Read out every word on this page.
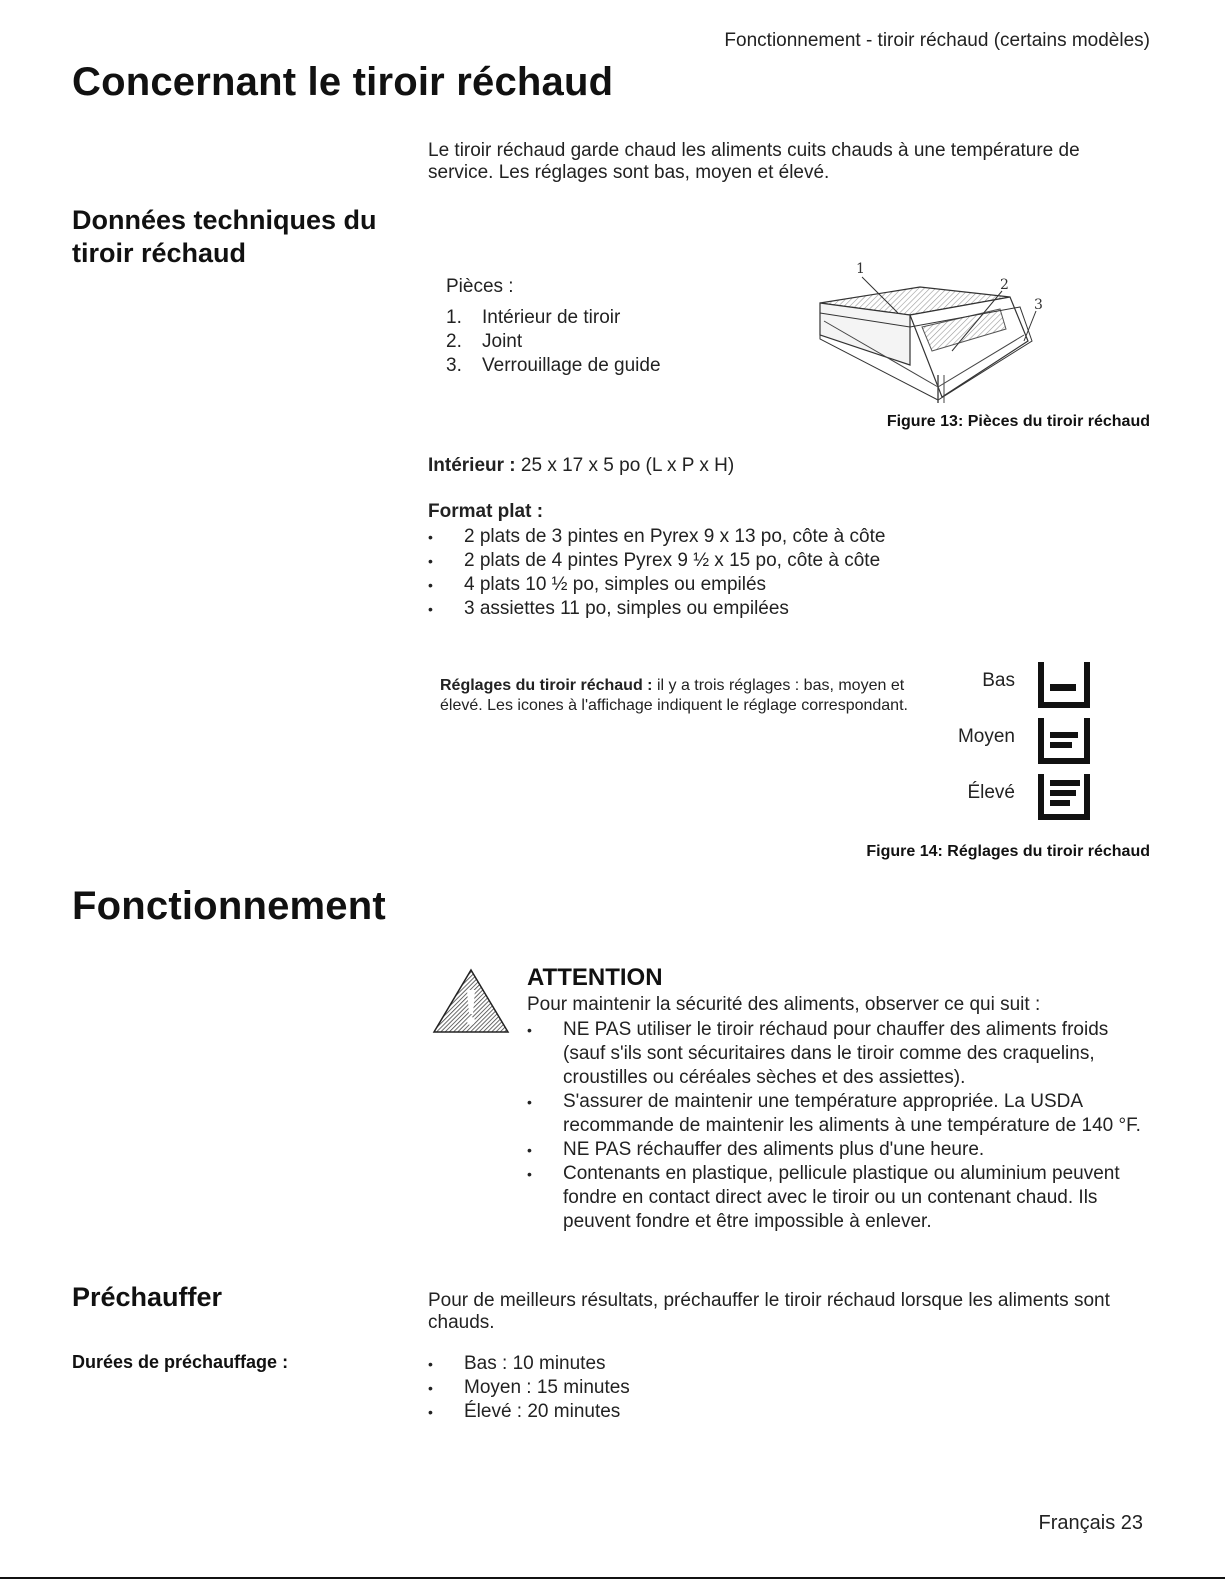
Fonctionnement - tiroir réchaud (certains modèles)
Concernant le tiroir réchaud
Le tiroir réchaud garde chaud les aliments cuits chauds à une température de service. Les réglages sont bas, moyen et élevé.
Données techniques du
tiroir réchaud
Pièces :
1. Intérieur de tiroir
2. Joint
3. Verrouillage de guide
1
2
3
Figure 13: Pièces du tiroir réchaud
Intérieur : 25 x 17 x 5 po (L x P x H)
Format plat :
• 2 plats de 3 pintes en Pyrex 9 x 13 po, côte à côte
• 2 plats de 4 pintes Pyrex 9 ½ x 15 po, côte à côte
• 4 plats 10 ½ po, simples ou empilés
• 3 assiettes 11 po, simples ou empilées
Réglages du tiroir réchaud : il y a trois réglages : bas, moyen et élevé. Les icones à l'affichage indiquent le réglage correspondant.
Bas
Moyen
Élevé
Figure 14: Réglages du tiroir réchaud
Fonctionnement
ATTENTION
Pour maintenir la sécurité des aliments, observer ce qui suit :
• NE PAS utiliser le tiroir réchaud pour chauffer des aliments froids (sauf s'ils sont sécuritaires dans le tiroir comme des craquelins, croustilles ou céréales sèches et des assiettes).
• S'assurer de maintenir une température appropriée. La USDA recommande de maintenir les aliments à une température de 140 °F.
• NE PAS réchauffer des aliments plus d'une heure.
• Contenants en plastique, pellicule plastique ou aluminium peuvent fondre en contact direct avec le tiroir ou un contenant chaud. Ils peuvent fondre et être impossible à enlever.
Préchauffer	Pour de meilleurs résultats, préchauffer le tiroir réchaud lorsque les aliments sont chauds.
Durées de préchauffage :
•	Bas : 10 minutes
• Moyen : 15 minutes
• Élevé : 20 minutes
Français 23
